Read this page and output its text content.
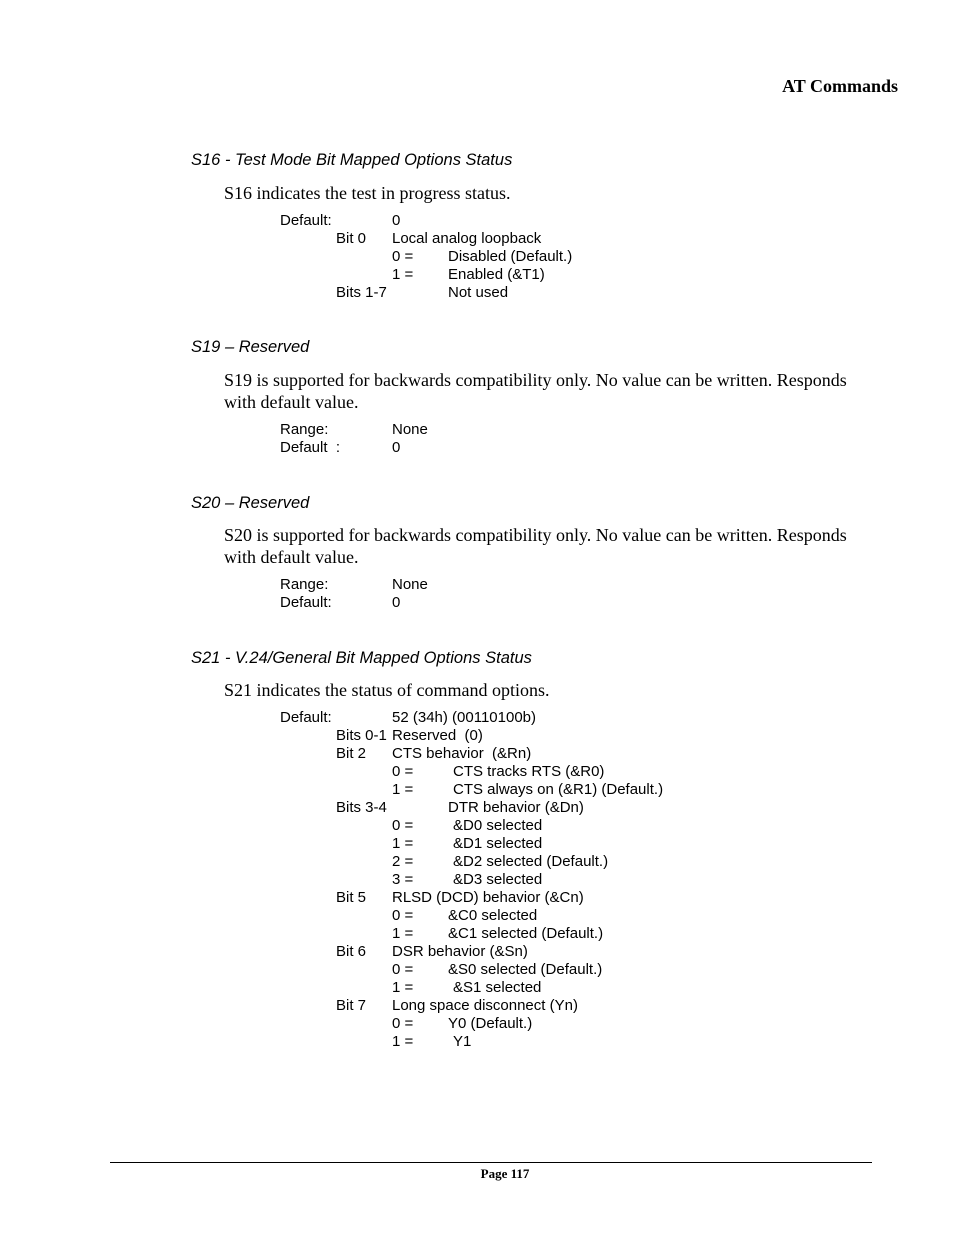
AT Commands
S16 - Test Mode Bit Mapped Options Status
S16 indicates the test in progress status.
Default:	0
Bit 0 Local analog loopback
0 = Disabled (Default.)
1 = Enabled (&T1)
Bits 1-7	Not used
S19 – Reserved
S19 is supported for backwards compatibility only. No value can be written. Responds with default value.
Range:	None
Default  :	0
S20 – Reserved
S20 is supported for backwards compatibility only. No value can be written. Responds with default value.
Range:	None
Default:	0
S21 - V.24/General Bit Mapped Options Status
S21 indicates the status of command options.
Default:	52 (34h) (00110100b)
Bits 0-1 Reserved  (0)
Bit 2 CTS behavior  (&Rn)
0 =	CTS tracks RTS (&R0)
1 =	CTS always on (&R1) (Default.)
Bits 3-4	DTR behavior (&Dn)
0 =	&D0 selected
1 =	&D1 selected
2 =	&D2 selected (Default.)
3 =	&D3 selected
Bit 5 RLSD (DCD) behavior (&Cn)
0 = &C0 selected
1 = &C1 selected (Default.)
Bit 6 DSR behavior (&Sn)
0 = &S0 selected (Default.)
1 =	&S1 selected
Bit 7 Long space disconnect (Yn)
0 = Y0 (Default.)
1 =	Y1
Page 117
